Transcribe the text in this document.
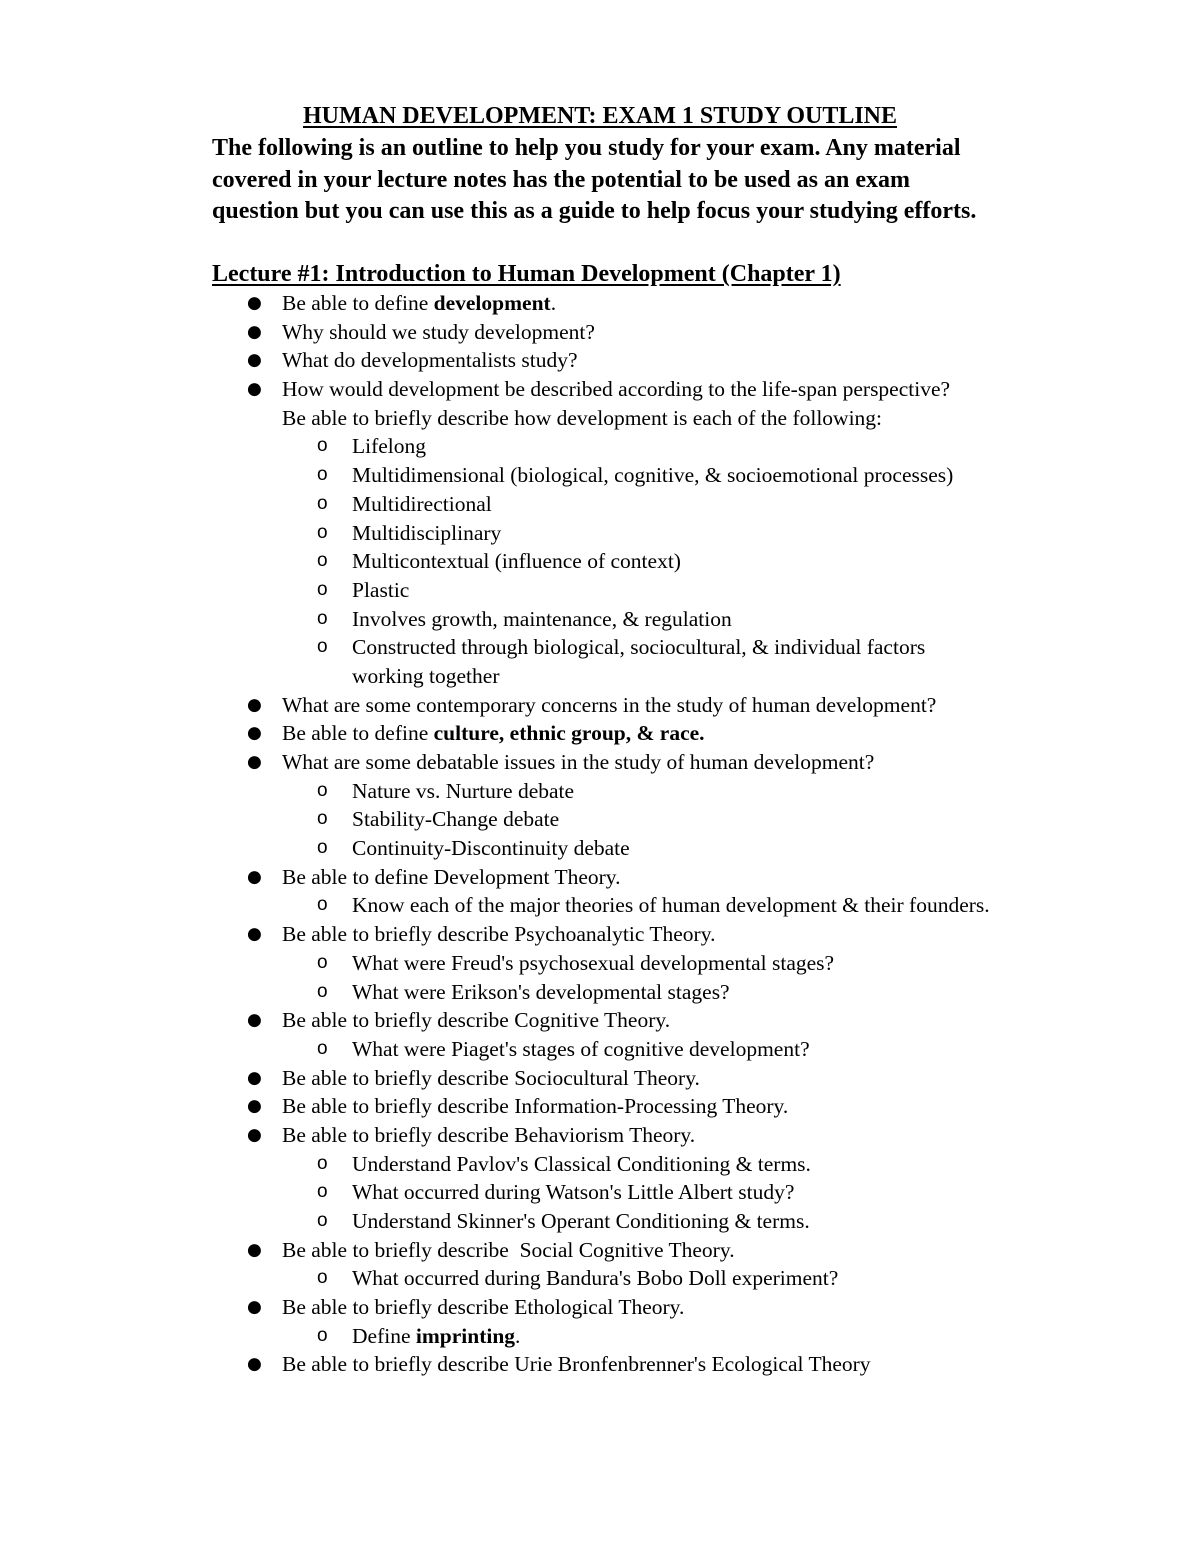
HUMAN DEVELOPMENT: EXAM 1 STUDY OUTLINE
The following is an outline to help you study for your exam. Any material
covered in your lecture notes has the potential to be used as an exam
question but you can use this as a guide to help focus your studying efforts.
Lecture #1: Introduction to Human Development (Chapter 1)
● Be able to define development.
● Why should we study development?
● What do developmentalists study?
● How would development be described according to the life-span perspective?
Be able to briefly describe how development is each of the following:
o Lifelong
o Multidimensional (biological, cognitive, & socioemotional processes)
o Multidirectional
o Multidisciplinary
o Multicontextual (influence of context)
o Plastic
o Involves growth, maintenance, & regulation
o Constructed through biological, sociocultural, & individual factors
working together
● What are some contemporary concerns in the study of human development?
● Be able to define culture, ethnic group, & race.
● What are some debatable issues in the study of human development?
o Nature vs. Nurture debate
o Stability-Change debate
o Continuity-Discontinuity debate
● Be able to define Development Theory.
o Know each of the major theories of human development & their founders.
● Be able to briefly describe Psychoanalytic Theory.
o What were Freud's psychosexual developmental stages?
o What were Erikson's developmental stages?
● Be able to briefly describe Cognitive Theory.
o What were Piaget's stages of cognitive development?
● Be able to briefly describe Sociocultural Theory.
● Be able to briefly describe Information-Processing Theory.
● Be able to briefly describe Behaviorism Theory.
o Understand Pavlov's Classical Conditioning & terms.
o What occurred during Watson's Little Albert study?
o Understand Skinner's Operant Conditioning & terms.
● Be able to briefly describe  Social Cognitive Theory.
o What occurred during Bandura's Bobo Doll experiment?
● Be able to briefly describe Ethological Theory.
o Define imprinting.
● Be able to briefly describe Urie Bronfenbrenner's Ecological Theory
